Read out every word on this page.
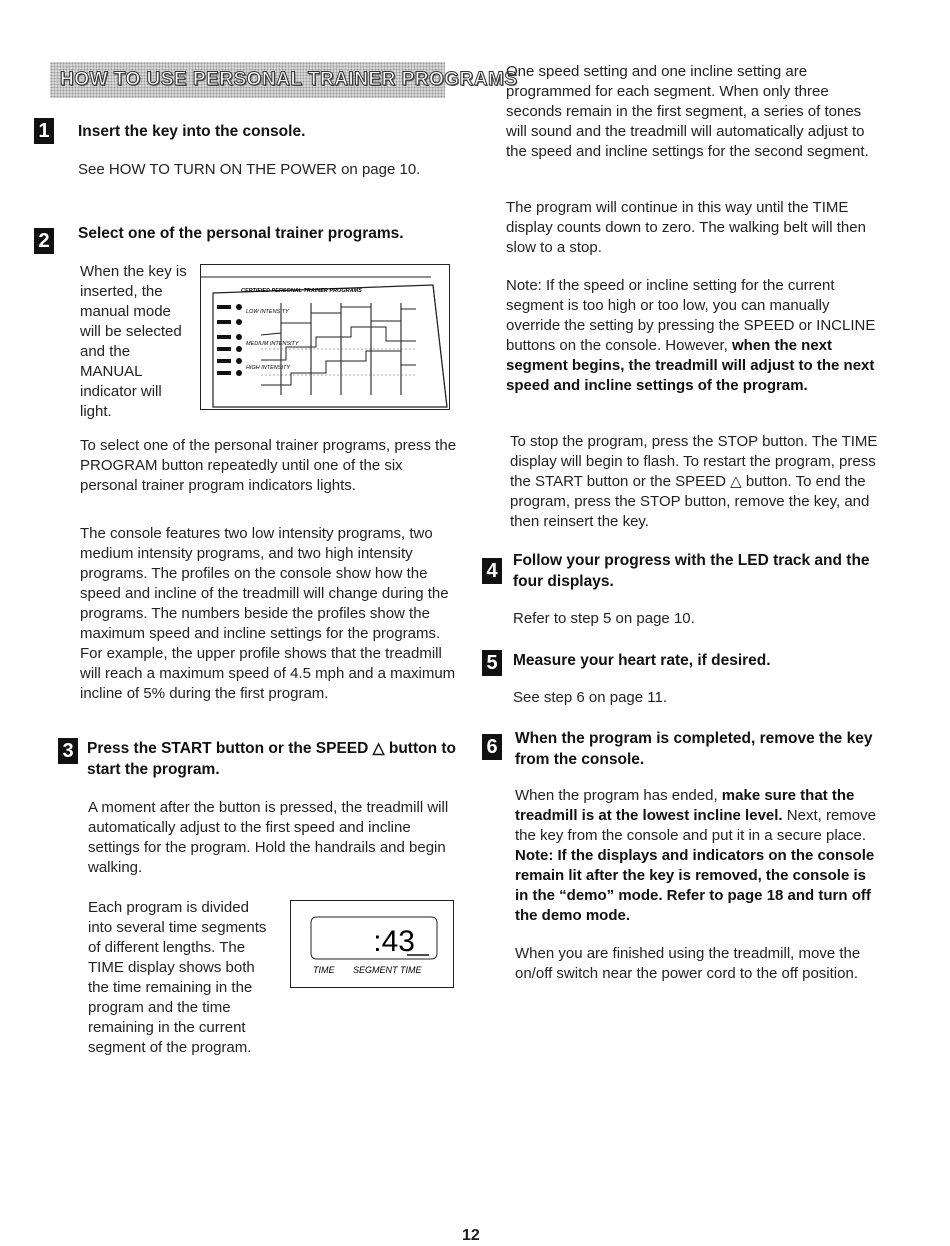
HOW TO USE PERSONAL TRAINER PROGRAMS
1 Insert the key into the console.

See HOW TO TURN ON THE POWER on page 10.

2 Select one of the personal trainer programs.

When the key is inserted, the manual mode will be selected and the MANUAL indicator will light.

CERTIFIED PERSONAL TRAINER PROGRAMS
LOW INTENSITY
MEDIUM INTENSITY
HIGH INTENSITY

To select one of the personal trainer programs, press the PROGRAM button repeatedly until one of the six personal trainer program indicators lights.

The console features two low intensity programs, two medium intensity programs, and two high intensity programs. The profiles on the console show how the speed and incline of the treadmill will change during the programs. The numbers beside the profiles show the maximum speed and incline settings for the programs. For example, the upper profile shows that the treadmill will reach a maximum speed of 4.5 mph and a maximum incline of 5% during the first program.

3 Press the START button or the SPEED △ button to start the program.

A moment after the button is pressed, the treadmill will automatically adjust to the first speed and incline settings for the program. Hold the handrails and begin walking.

Each program is divided into several time segments of different lengths. The TIME display shows both the time remaining in the program and the time remaining in the current segment of the program.

:43
TIME SEGMENT TIME
12

One speed setting and one incline setting are programmed for each segment. When only three seconds remain in the first segment, a series of tones will sound and the treadmill will automatically adjust to the speed and incline settings for the second segment.

The program will continue in this way until the TIME display counts down to zero. The walking belt will then slow to a stop.

Note: If the speed or incline setting for the current segment is too high or too low, you can manually override the setting by pressing the SPEED or INCLINE buttons on the console. However, when the next segment begins, the treadmill will adjust to the next speed and incline settings of the program.

To stop the program, press the STOP button. The TIME display will begin to flash. To restart the program, press the START button or the SPEED △ button. To end the program, press the STOP button, remove the key, and then reinsert the key.

4 Follow your progress with the LED track and the four displays.

Refer to step 5 on page 10.

5 Measure your heart rate, if desired.

See step 6 on page 11.

6 When the program is completed, remove the key from the console.

When the program has ended, make sure that the treadmill is at the lowest incline level. Next, remove the key from the console and put it in a secure place. Note: If the displays and indicators on the console remain lit after the key is removed, the console is in the “demo” mode. Refer to page 18 and turn off the demo mode.

When you are finished using the treadmill, move the on/off switch near the power cord to the off position.
